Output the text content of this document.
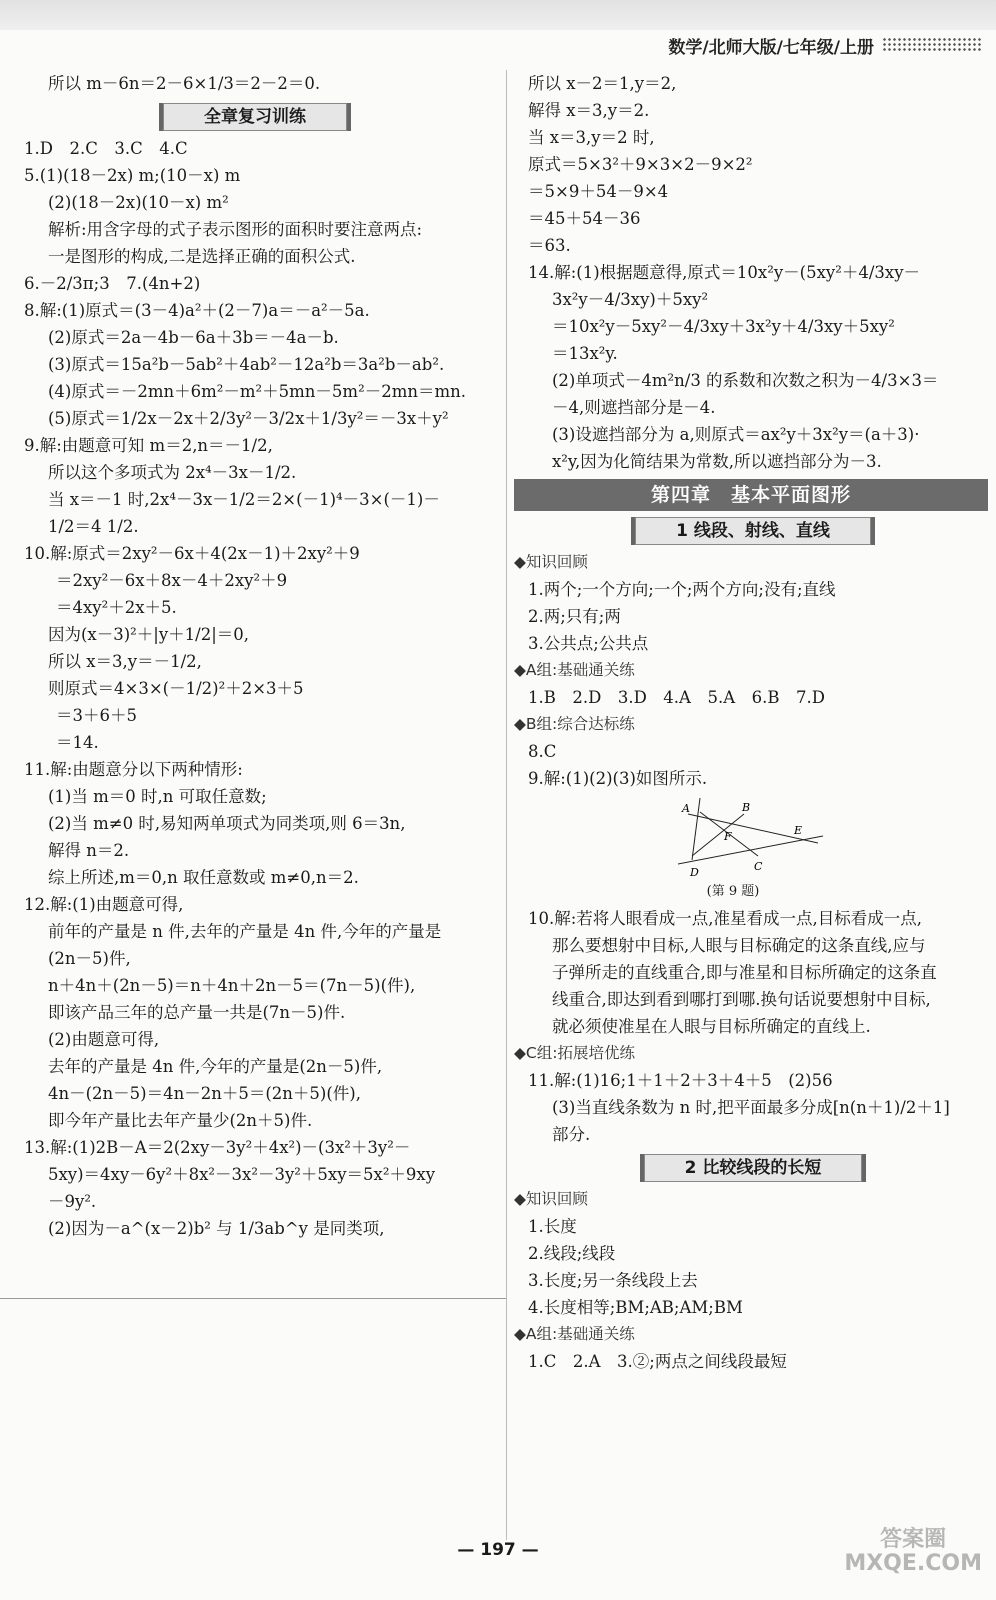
数学/北师大版/七年级/上册
所以 m－6n＝2－6×1/3＝2－2＝0.
全章复习训练
1.D　2.C　3.C　4.C
5.(1)(18－2x) m;(10－x) m
(2)(18－2x)(10－x) m²
解析:用含字母的式子表示图形的面积时要注意两点:
一是图形的构成,二是选择正确的面积公式.
6.－2/3π;3　7.(4n+2)
8.解:(1)原式＝(3－4)a²＋(2－7)a＝－a²－5a.
(2)原式＝2a－4b－6a＋3b＝－4a－b.
(3)原式＝15a²b－5ab²＋4ab²－12a²b＝3a²b－ab².
(4)原式＝－2mn＋6m²－m²＋5mn－5m²－2mn＝mn.
(5)原式＝1/2x－2x＋2/3y²－3/2x＋1/3y²＝－3x＋y²
9.解:由题意可知 m＝2,n＝－1/2,
所以这个多项式为 2x⁴－3x－1/2.
当 x＝－1 时,2x⁴－3x－1/2＝2×(－1)⁴－3×(－1)－
1/2＝4 1/2.
10.解:原式＝2xy²－6x＋4(2x－1)＋2xy²＋9
＝2xy²－6x＋8x－4＋2xy²＋9
＝4xy²＋2x＋5.
因为(x－3)²＋|y＋1/2|＝0,
所以 x＝3,y＝－1/2,
则原式＝4×3×(－1/2)²＋2×3＋5
＝3＋6＋5
＝14.
11.解:由题意分以下两种情形:
(1)当 m＝0 时,n 可取任意数;
(2)当 m≠0 时,易知两单项式为同类项,则 6＝3n,
解得 n＝2.
综上所述,m＝0,n 取任意数或 m≠0,n＝2.
12.解:(1)由题意可得,
前年的产量是 n 件,去年的产量是 4n 件,今年的产量是
(2n－5)件,
n＋4n＋(2n－5)＝n＋4n＋2n－5＝(7n－5)(件),
即该产品三年的总产量一共是(7n－5)件.
(2)由题意可得,
去年的产量是 4n 件,今年的产量是(2n－5)件,
4n－(2n－5)＝4n－2n＋5＝(2n＋5)(件),
即今年产量比去年产量少(2n＋5)件.
13.解:(1)2B－A＝2(2xy－3y²＋4x²)－(3x²＋3y²－
5xy)＝4xy－6y²＋8x²－3x²－3y²＋5xy＝5x²＋9xy
－9y².
(2)因为－a^(x－2)b² 与 1/3ab^y 是同类项,
所以 x－2＝1,y＝2,
解得 x＝3,y＝2.
当 x＝3,y＝2 时,
原式＝5×3²＋9×3×2－9×2²
＝5×9＋54－9×4
＝45＋54－36
＝63.
14.解:(1)根据题意得,原式＝10x²y－(5xy²＋4/3xy－
3x²y－4/3xy)＋5xy²
＝10x²y－5xy²－4/3xy＋3x²y＋4/3xy＋5xy²
＝13x²y.
(2)单项式－4m²n/3 的系数和次数之积为－4/3×3＝
－4,则遮挡部分是－4.
(3)设遮挡部分为 a,则原式＝ax²y＋3x²y＝(a＋3)·
x²y,因为化简结果为常数,所以遮挡部分为－3.
第四章　基本平面图形
1 线段、射线、直线
◆知识回顾
1.两个;一个方向;一个;两个方向;没有;直线
2.两;只有;两
3.公共点;公共点
◆A组:基础通关练
1.B　2.D　3.D　4.A　5.A　6.B　7.D
◆B组:综合达标练
8.C
9.解:(1)(2)(3)如图所示.
A	B
F	E
C
D
(第 9 题)
10.解:若将人眼看成一点,准星看成一点,目标看成一点,
那么要想射中目标,人眼与目标确定的这条直线,应与
子弹所走的直线重合,即与准星和目标所确定的这条直
线重合,即达到看到哪打到哪.换句话说要想射中目标,
就必须使准星在人眼与目标所确定的直线上.
◆C组:拓展培优练
11.解:(1)16;1＋1＋2＋3＋4＋5　(2)56
(3)当直线条数为 n 时,把平面最多分成[n(n＋1)/2＋1]
部分.
2 比较线段的长短
◆知识回顾
1.长度
2.线段;线段
3.长度;另一条线段上去
4.长度相等;BM;AB;AM;BM
◆A组:基础通关练
1.C　2.A　3.②;两点之间线段最短
— 197 —	答案圈
MXQE.COM
